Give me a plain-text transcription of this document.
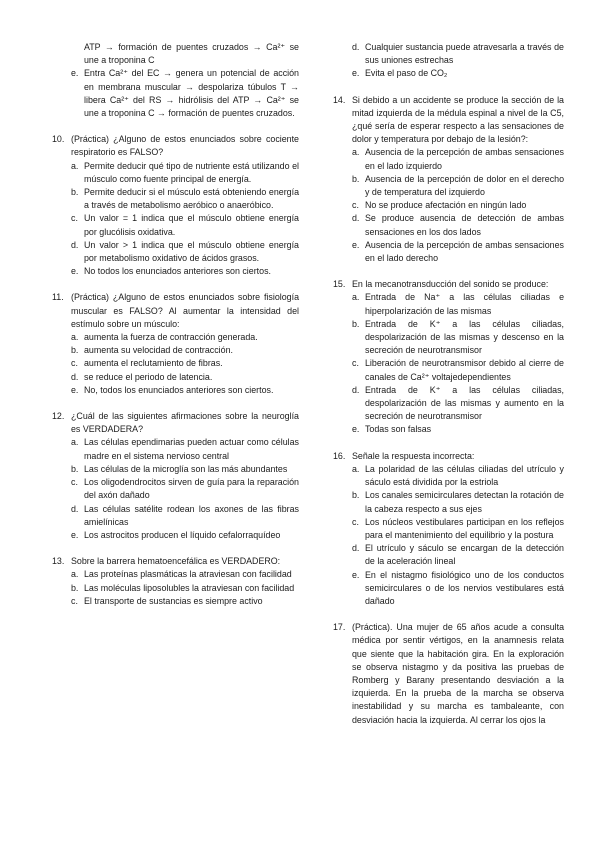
ATP → formación de puentes cruzados → Ca²⁺ se une a troponina C
e. Entra Ca²⁺ del EC → genera un potencial de acción en membrana muscular → despolariza túbulos T → libera Ca²⁺ del RS → hidrólisis del ATP → Ca²⁺ se une a troponina C → formación de puentes cruzados.
10. (Práctica) ¿Alguno de estos enunciados sobre cociente respiratorio es FALSO?
a. Permite deducir qué tipo de nutriente está utilizando el músculo como fuente principal de energía.
b. Permite deducir si el músculo está obteniendo energía a través de metabolismo aeróbico o anaeróbico.
c. Un valor = 1 indica que el músculo obtiene energía por glucólisis oxidativa.
d. Un valor > 1 indica que el músculo obtiene energía por metabolismo oxidativo de ácidos grasos.
e. No todos los enunciados anteriores son ciertos.
11. (Práctica) ¿Alguno de estos enunciados sobre fisiología muscular es FALSO? Al aumentar la intensidad del estímulo sobre un músculo:
a. aumenta la fuerza de contracción generada.
b. aumenta su velocidad de contracción.
c. aumenta el reclutamiento de fibras.
d. se reduce el periodo de latencia.
e. No, todos los enunciados anteriores son ciertos.
12. ¿Cuál de las siguientes afirmaciones sobre la neuroglía es VERDADERA?
a. Las células ependimarias pueden actuar como células madre en el sistema nervioso central
b. Las células de la microglía son las más abundantes
c. Los oligodendrocitos sirven de guía para la reparación del axón dañado
d. Las células satélite rodean los axones de las fibras amielínicas
e. Los astrocitos producen el líquido cefalorraquídeo
13. Sobre la barrera hematoencefálica es VERDADERO:
a. Las proteínas plasmáticas la atraviesan con facilidad
b. Las moléculas liposolubles la atraviesan con facilidad
c. El transporte de sustancias es siempre activo
d. Cualquier sustancia puede atravesarla a través de sus uniones estrechas
e. Evita el paso de CO₂
14. Si debido a un accidente se produce la sección de la mitad izquierda de la médula espinal a nivel de la C5, ¿qué sería de esperar respecto a las sensaciones de dolor y temperatura por debajo de la lesión?:
a. Ausencia de la percepción de ambas sensaciones en el lado izquierdo
b. Ausencia de la percepción de dolor en el derecho y de temperatura del izquierdo
c. No se produce afectación en ningún lado
d. Se produce ausencia de detección de ambas sensaciones en los dos lados
e. Ausencia de la percepción de ambas sensaciones en el lado derecho
15. En la mecanotransducción del sonido se produce:
a. Entrada de Na⁺ a las células ciliadas e hiperpolarización de las mismas
b. Entrada de K⁺ a las células ciliadas, despolarización de las mismas y descenso en la secreción de neurotransmisor
c. Liberación de neurotransmisor debido al cierre de canales de Ca²⁺ voltajedependientes
d. Entrada de K⁺ a las células ciliadas, despolarización de las mismas y aumento en la secreción de neurotransmisor
e. Todas son falsas
16. Señale la respuesta incorrecta:
a. La polaridad de las células ciliadas del utrículo y sáculo está dividida por la estriola
b. Los canales semicirculares detectan la rotación de la cabeza respecto a sus ejes
c. Los núcleos vestibulares participan en los reflejos para el mantenimiento del equilibrio y la postura
d. El utrículo y sáculo se encargan de la detección de la aceleración lineal
e. En el nistagmo fisiológico uno de los conductos semicirculares o de los nervios vestibulares está dañado
17. (Práctica). Una mujer de 65 años acude a consulta médica por sentir vértigos, en la anamnesis relata que siente que la habitación gira. En la exploración se observa nistagmo y da positiva las pruebas de Romberg y Barany presentando desviación a la izquierda. En la prueba de la marcha se observa inestabilidad y su marcha es tambaleante, con desviación hacia la izquierda. Al cerrar los ojos la
